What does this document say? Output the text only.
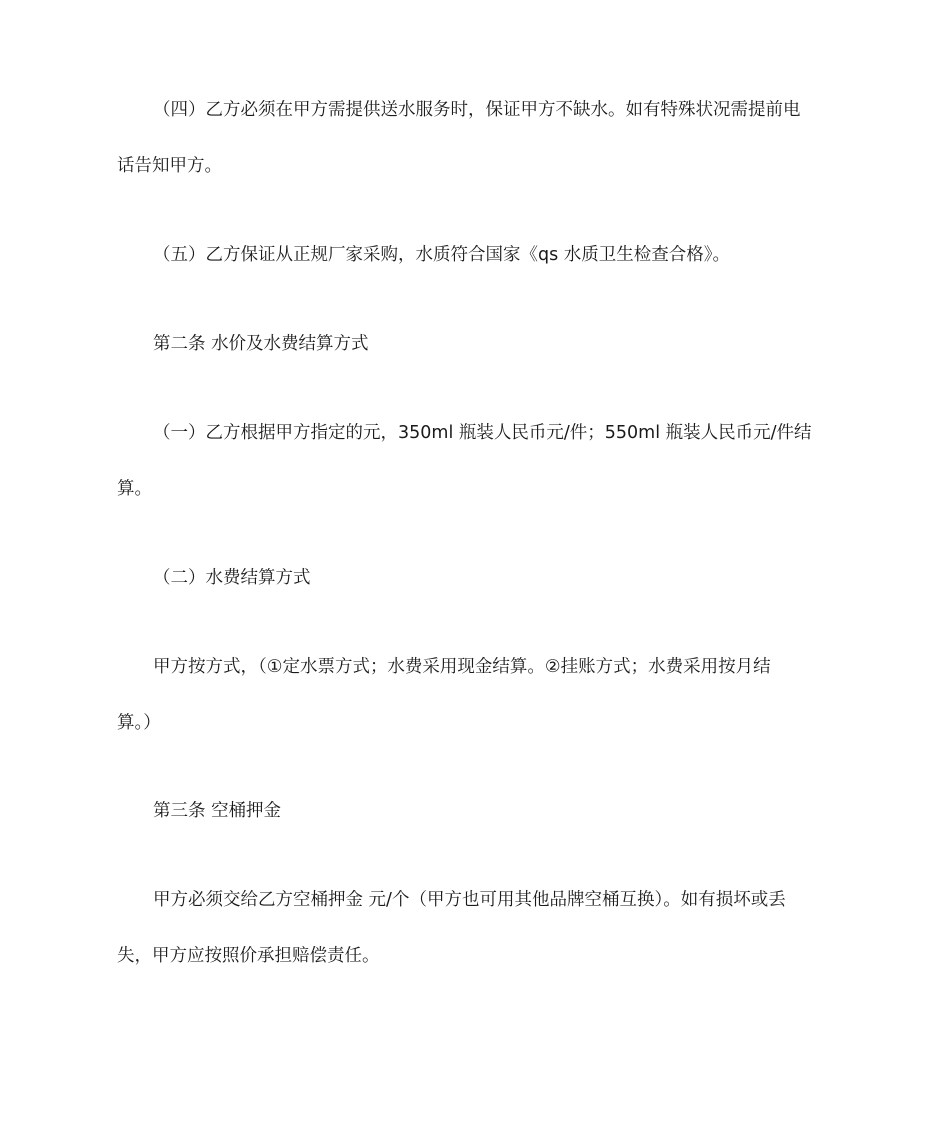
（四）乙方必须在甲方需提供送水服务时，保证甲方不缺水。如有特殊状况需提前电
话告知甲方。
（五）乙方保证从正规厂家采购，水质符合国家《qs 水质卫生检查合格》。
第二条 水价及水费结算方式
（一）乙方根据甲方指定的元，350ml 瓶装人民币元/件；550ml 瓶装人民币元/件结
算。
（二）水费结算方式
甲方按方式，（①定水票方式；水费采用现金结算。②挂账方式；水费采用按月结
算。）
第三条 空桶押金
甲方必须交给乙方空桶押金 元/个（甲方也可用其他品牌空桶互换）。如有损坏或丢
失，甲方应按照价承担赔偿责任。
